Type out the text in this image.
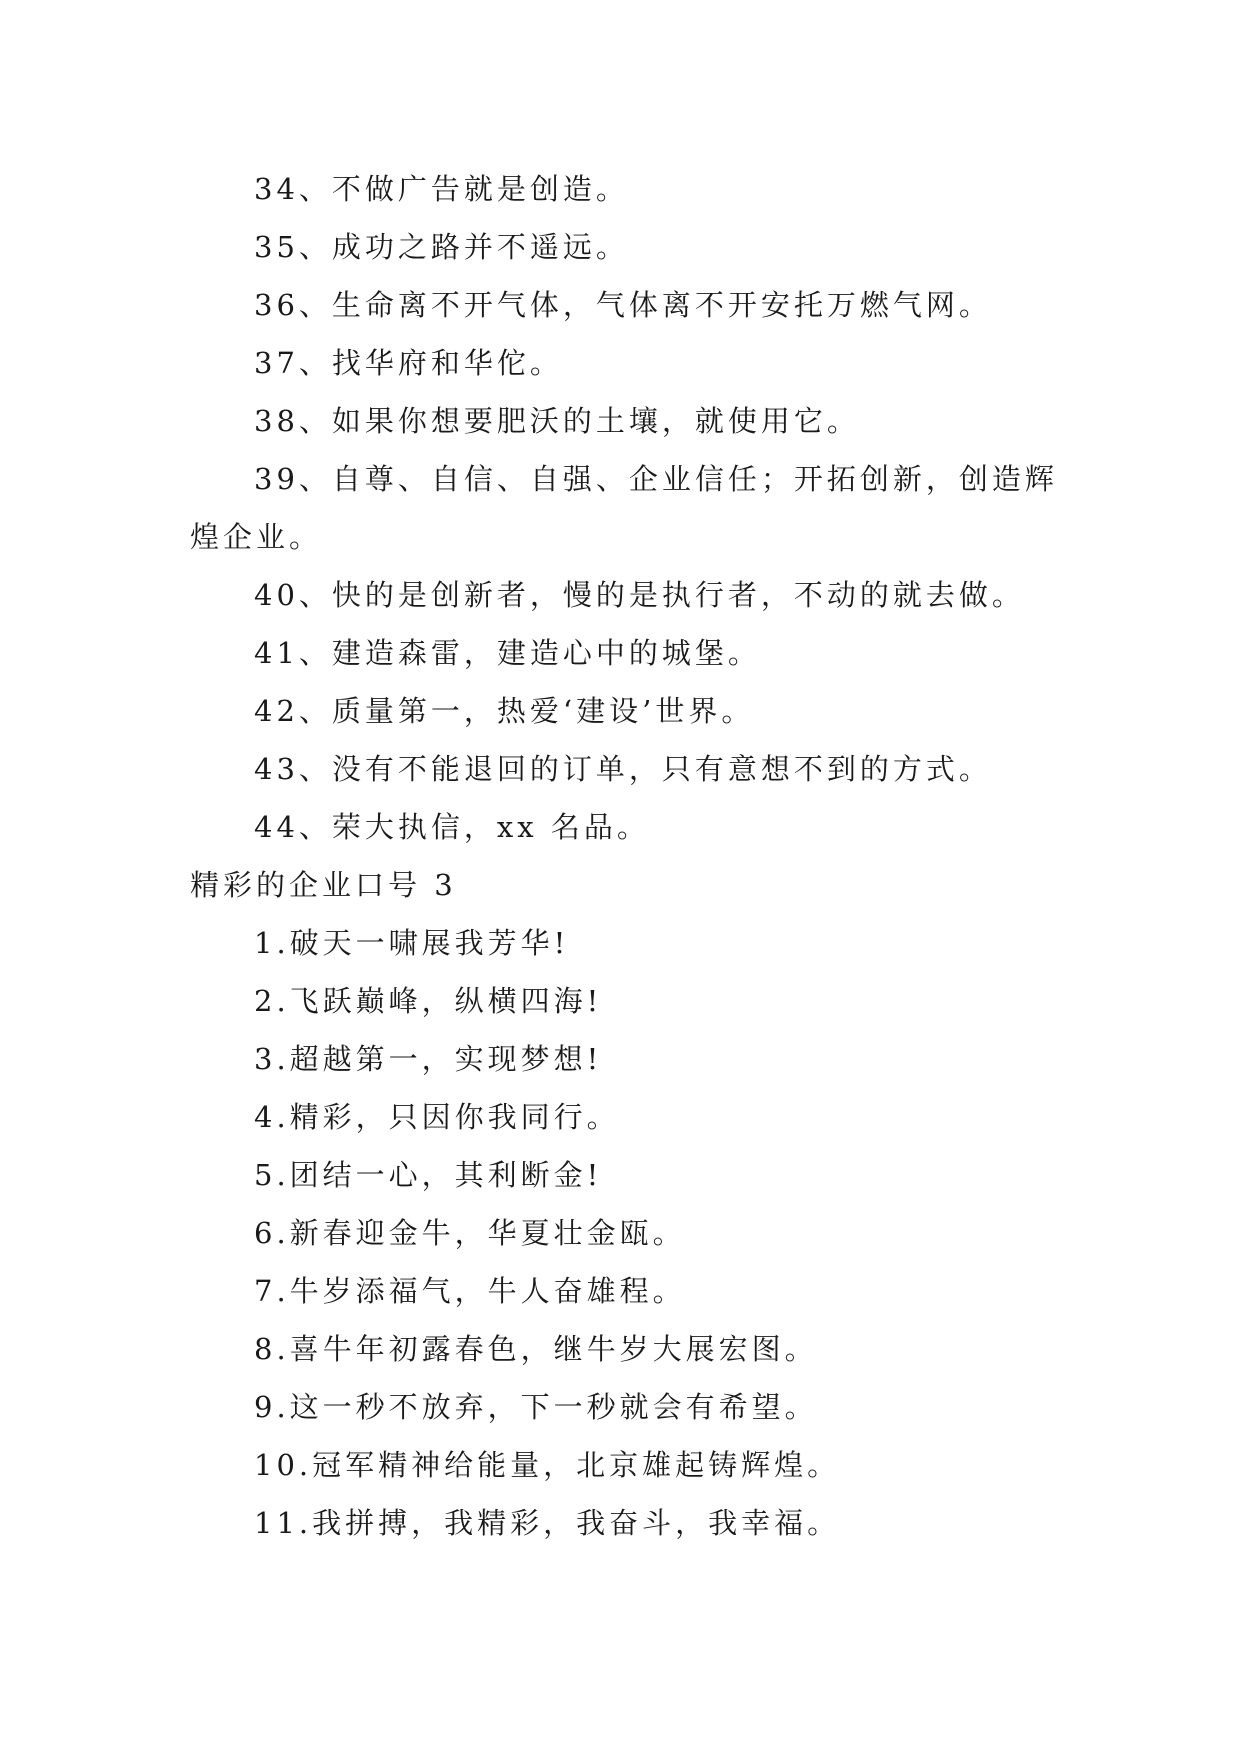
34、不做广告就是创造。
35、成功之路并不遥远。
36、生命离不开气体，气体离不开安托万燃气网。
37、找华府和华佗。
38、如果你想要肥沃的土壤，就使用它。
39、自尊、自信、自强、企业信任；开拓创新，创造辉
煌企业。
40、快的是创新者，慢的是执行者，不动的就去做。
41、建造森雷，建造心中的城堡。
42、质量第一，热爱‘建设’世界。
43、没有不能退回的订单，只有意想不到的方式。
44、荣大执信，xx 名品。
精彩的企业口号 3
1.破天一啸展我芳华!
2.飞跃巅峰，纵横四海!
3.超越第一，实现梦想!
4.精彩，只因你我同行。
5.团结一心，其利断金!
6.新春迎金牛，华夏壮金瓯。
7.牛岁添福气，牛人奋雄程。
8.喜牛年初露春色，继牛岁大展宏图。
9.这一秒不放弃，下一秒就会有希望。
10.冠军精神给能量，北京雄起铸辉煌。
11.我拼搏，我精彩，我奋斗，我幸福。
